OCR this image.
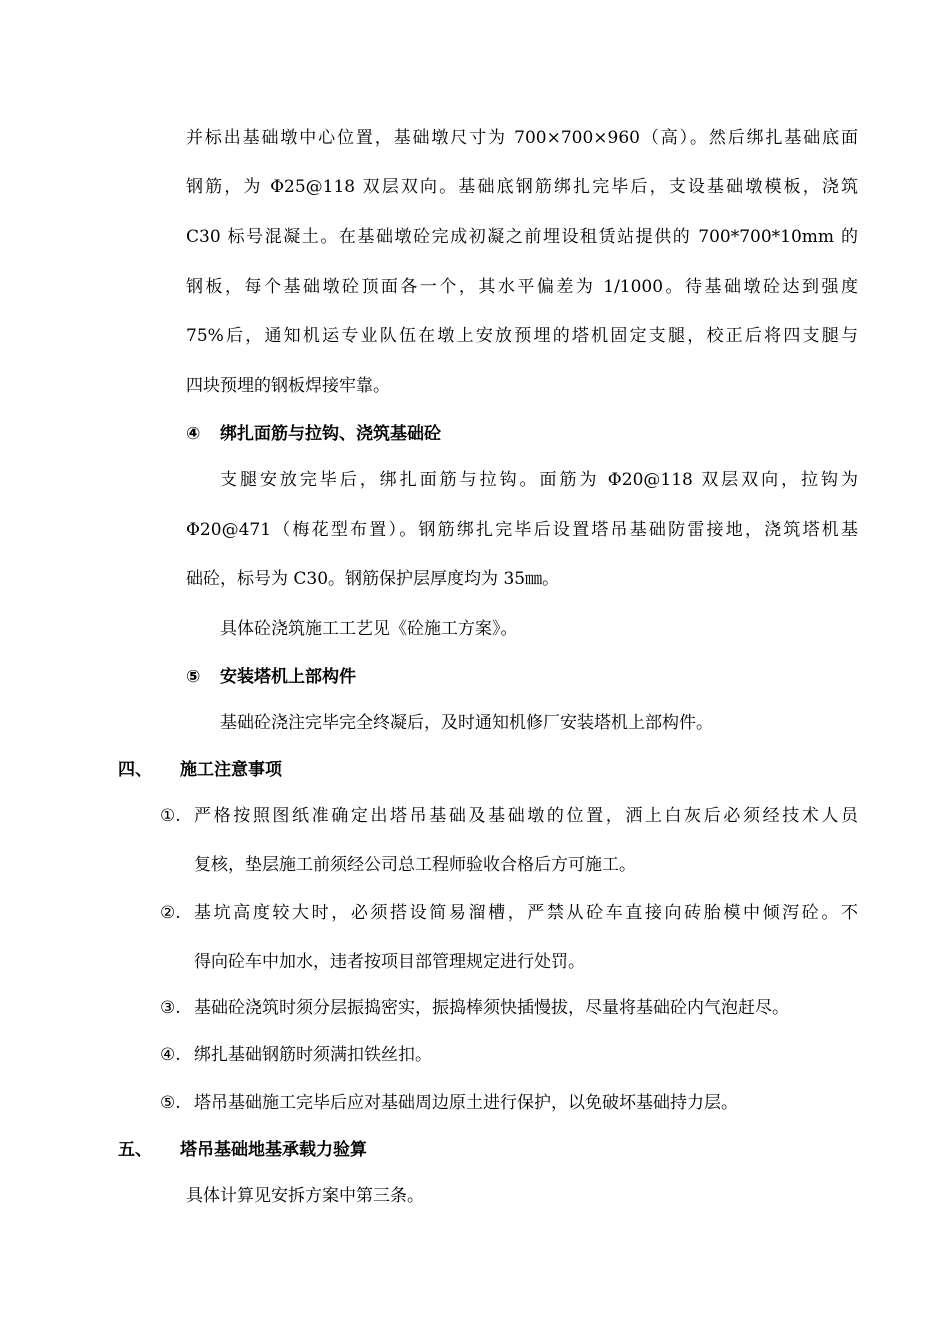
并标出基础墩中心位置，基础墩尺寸为 700×700×960（高）。然后绑扎基础底面
钢筋，为 Φ25@118 双层双向。基础底钢筋绑扎完毕后，支设基础墩模板，浇筑
C30 标号混凝土。在基础墩砼完成初凝之前埋设租赁站提供的 700*700*10mm 的
钢板，每个基础墩砼顶面各一个，其水平偏差为 1/1000。待基础墩砼达到强度
75%后，通知机运专业队伍在墩上安放预埋的塔机固定支腿，校正后将四支腿与
四块预埋的钢板焊接牢靠。
④ 绑扎面筋与拉钩、浇筑基础砼
支腿安放完毕后，绑扎面筋与拉钩。面筋为 Φ20@118 双层双向，拉钩为
Φ20@471（梅花型布置）。钢筋绑扎完毕后设置塔吊基础防雷接地，浇筑塔机基
础砼，标号为 C30。钢筋保护层厚度均为 35㎜。
具体砼浇筑施工工艺见《砼施工方案》。
⑤ 安装塔机上部构件
基础砼浇注完毕完全终凝后，及时通知机修厂安装塔机上部构件。
四、 施工注意事项
①. 严格按照图纸准确定出塔吊基础及基础墩的位置，洒上白灰后必须经技术人员
复核，垫层施工前须经公司总工程师验收合格后方可施工。
②. 基坑高度较大时，必须搭设简易溜槽，严禁从砼车直接向砖胎模中倾泻砼。不
得向砼车中加水，违者按项目部管理规定进行处罚。
③. 基础砼浇筑时须分层振捣密实，振捣棒须快插慢拔，尽量将基础砼内气泡赶尽。
④. 绑扎基础钢筋时须满扣铁丝扣。
⑤. 塔吊基础施工完毕后应对基础周边原土进行保护，以免破坏基础持力层。
五、 塔吊基础地基承载力验算
具体计算见安拆方案中第三条。
